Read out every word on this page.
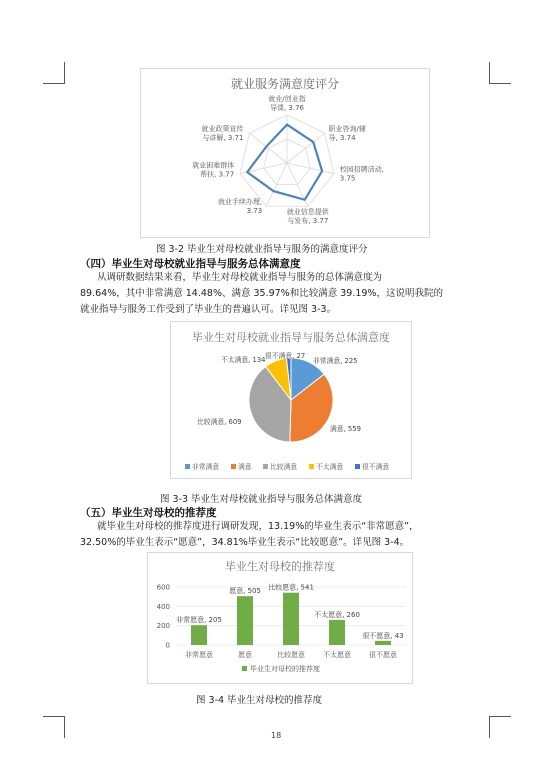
就业服务满意度评分
就业/创业指导课, 3.76
职业咨询/辅导, 3.74
校园招聘活动, 3.75
就业信息提供与发布, 3.77
就业手续办理, 3.73
就业困难群体帮扶, 3.77
就业政策宣传与讲解, 3.71
图 3-2 毕业生对母校就业指导与服务的满意度评分
（四）毕业生对母校就业指导与服务总体满意度
从调研数据结果来看，毕业生对母校就业指导与服务的总体满意度为
89.64%，其中非常满意 14.48%、满意 35.97%和比较满意 39.19%，这说明我院的
就业指导与服务工作受到了毕业生的普遍认可。详见图 3-3。
毕业生对母校就业指导与服务总体满意度
非常满意, 225
满意, 559
比较满意, 609
不太满意, 134 很不满意, 27
非常满意	满意	比较满意	不太满意	很不满意
图 3-3 毕业生对母校就业指导与服务总体满意度
（五）毕业生对母校的推荐度
就毕业生对母校的推荐度进行调研发现，13.19%的毕业生表示“非常愿意”，
32.50%的毕业生表示“愿意”，34.81%毕业生表示“比较愿意”。详见图 3-4。
毕业生对母校的推荐度
600
400
200
0
非常愿意, 205
非常愿意
愿意, 505
愿意
比较愿意, 541
比较愿意
不太愿意, 260
不太愿意
很不愿意, 43
很不愿意
毕业生对母校的推荐度
图 3-4 毕业生对母校的推荐度
18
